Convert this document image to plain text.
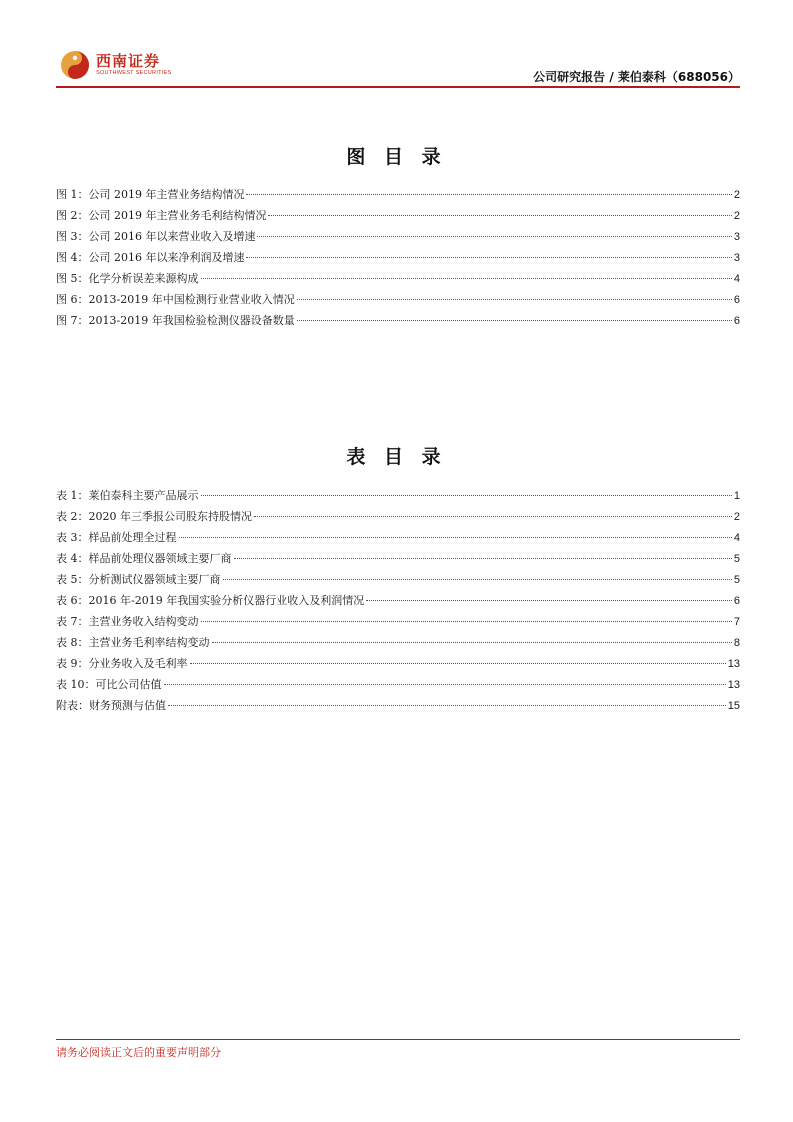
西南证券
SOUTHWEST SECURITIES	公司研究报告 / 莱伯泰科（688056）
图 目 录
图 1：公司 2019 年主营业务结构情况	2
图 2：公司 2019 年主营业务毛利结构情况	2
图 3：公司 2016 年以来营业收入及增速	3
图 4：公司 2016 年以来净利润及增速	3
图 5：化学分析误差来源构成	4
图 6：2013-2019 年中国检测行业营业收入情况	6
图 7：2013-2019 年我国检验检测仪器设备数量	6
表 目 录
表 1：莱伯泰科主要产品展示	1
表 2：2020 年三季报公司股东持股情况	2
表 3：样品前处理全过程	4
表 4：样品前处理仪器领域主要厂商	5
表 5：分析测试仪器领域主要厂商	5
表 6：2016 年-2019 年我国实验分析仪器行业收入及利润情况	6
表 7：主营业务收入结构变动	7
表 8：主营业务毛利率结构变动	8
表 9：分业务收入及毛利率	13
表 10：可比公司估值	13
附表：财务预测与估值	15
请务必阅读正文后的重要声明部分
